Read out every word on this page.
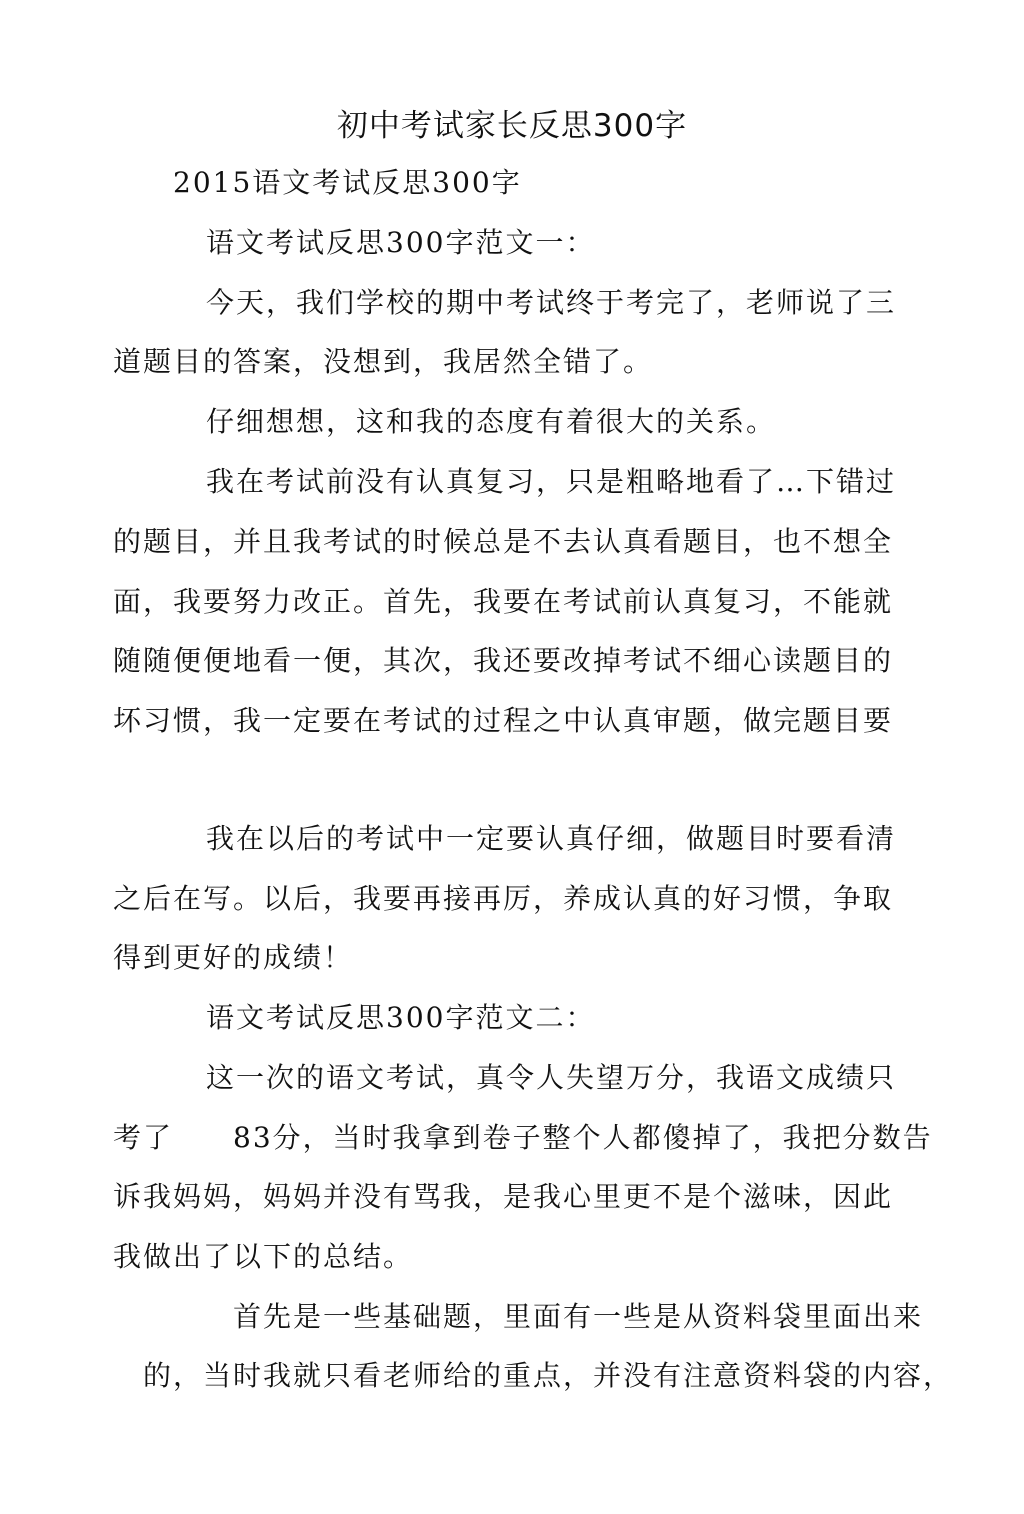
初中考试家长反思300字
2015语文考试反思300字
语文考试反思300字范文一：
今天，我们学校的期中考试终于考完了，老师说了三
道题目的答案，没想到，我居然全错了。
仔细想想，这和我的态度有着很大的关系。
我在考试前没有认真复习，只是粗略地看了…下错过
的题目，并且我考试的时候总是不去认真看题目，也不想全
面，我要努力改正。首先，我要在考试前认真复习，不能就
随随便便地看一便，其次，我还要改掉考试不细心读题目的
坏习惯，我一定要在考试的过程之中认真审题，做完题目要
我在以后的考试中一定要认真仔细，做题目时要看清
之后在写。以后，我要再接再厉，养成认真的好习惯，争取
得到更好的成绩！
语文考试反思300字范文二：
这一次的语文考试，真令人失望万分，我语文成绩只
考了　　83分，当时我拿到卷子整个人都傻掉了，我把分数告
诉我妈妈，妈妈并没有骂我，是我心里更不是个滋味，因此
我做出了以下的总结。
首先是一些基础题，里面有一些是从资料袋里面出来
的，当时我就只看老师给的重点，并没有注意资料袋的内容，
